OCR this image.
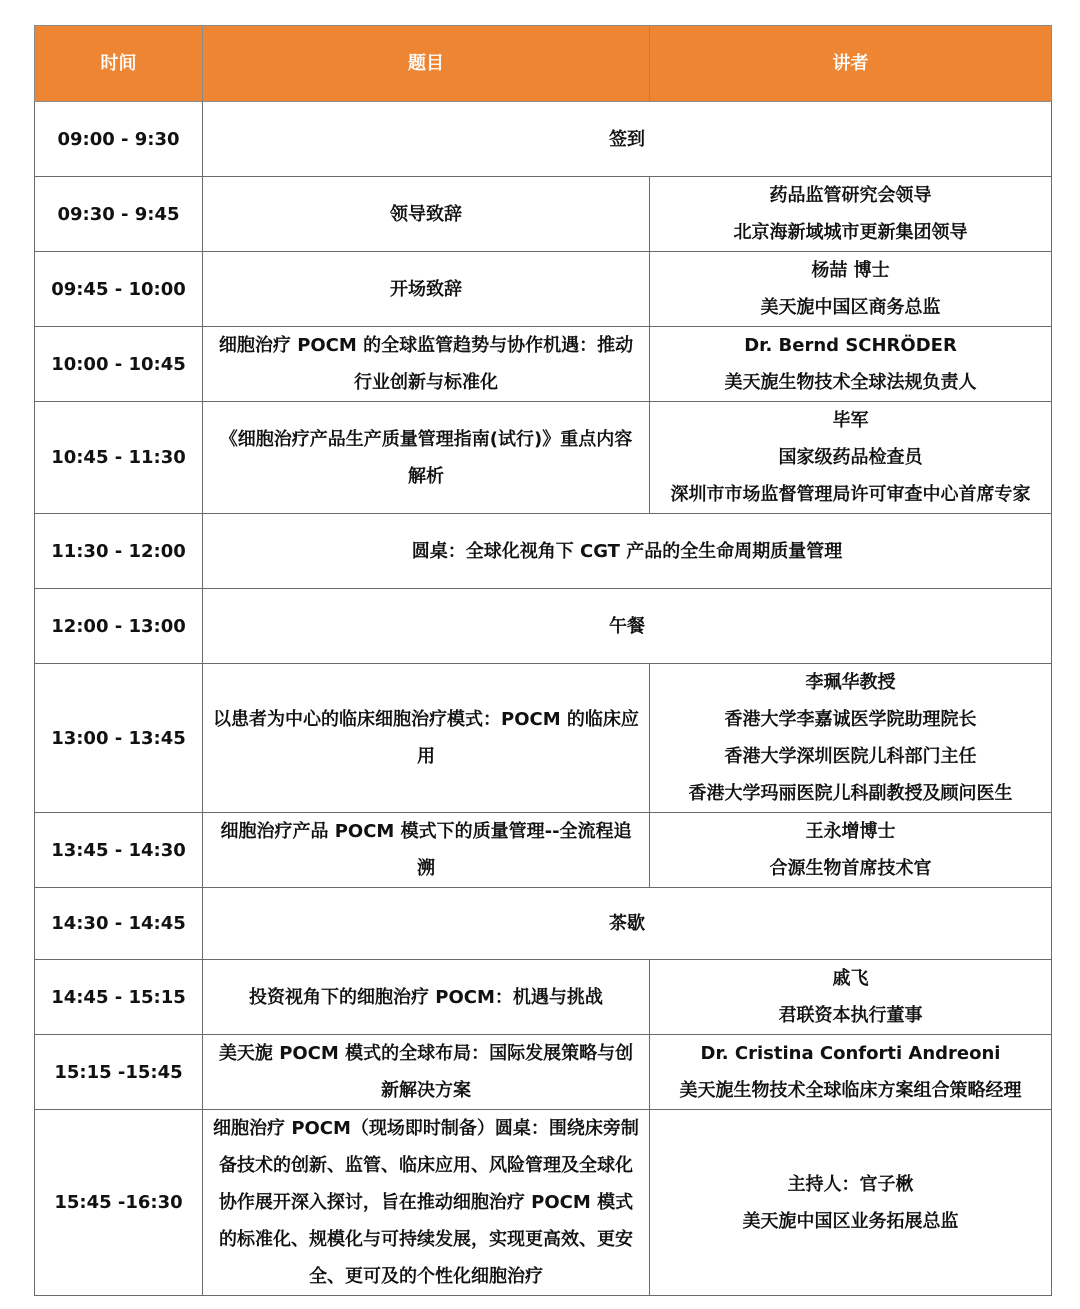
时间	题目	讲者
09:00 - 9:30	签到	

09:30 - 9:45	领导致辞	药品监管研究会领导
北京海新域城市更新集团领导

09:45 - 10:00	开场致辞	杨喆 博士
美天旎中国区商务总监

10:00 - 10:45	细胞治疗 POCM 的全球监管趋势与协作机遇：推动
行业创新与标准化	Dr. Bernd SCHRÖDER
美天旎生物技术全球法规负责人

10:45 - 11:30	《细胞治疗产品生产质量管理指南(试行)》重点内容
解析	毕军
国家级药品检查员
深圳市市场监督管理局许可审查中心首席专家

11:30 - 12:00	圆桌：全球化视角下 CGT 产品的全生命周期质量管理	

12:00 - 13:00	午餐	

13:00 - 13:45	以患者为中心的临床细胞治疗模式：POCM 的临床应
用	李珮华教授
香港大学李嘉诚医学院助理院长
香港大学深圳医院儿科部门主任
香港大学玛丽医院儿科副教授及顾问医生

13:45 - 14:30	细胞治疗产品 POCM 模式下的质量管理--全流程追
溯	王永增博士
合源生物首席技术官

14:30 - 14:45	茶歇	

14:45 - 15:15	投资视角下的细胞治疗 POCM：机遇与挑战	戚飞
君联资本执行董事

15:15 -15:45	美天旎 POCM 模式的全球布局：国际发展策略与创
新解决方案	Dr. Cristina Conforti Andreoni
美天旎生物技术全球临床方案组合策略经理

15:45 -16:30	细胞治疗 POCM（现场即时制备）圆桌：围绕床旁制
备技术的创新、监管、临床应用、风险管理及全球化
协作展开深入探讨，旨在推动细胞治疗 POCM 模式
的标准化、规模化与可持续发展，实现更高效、更安
全、更可及的个性化细胞治疗	主持人：官子楸
美天旎中国区业务拓展总监
